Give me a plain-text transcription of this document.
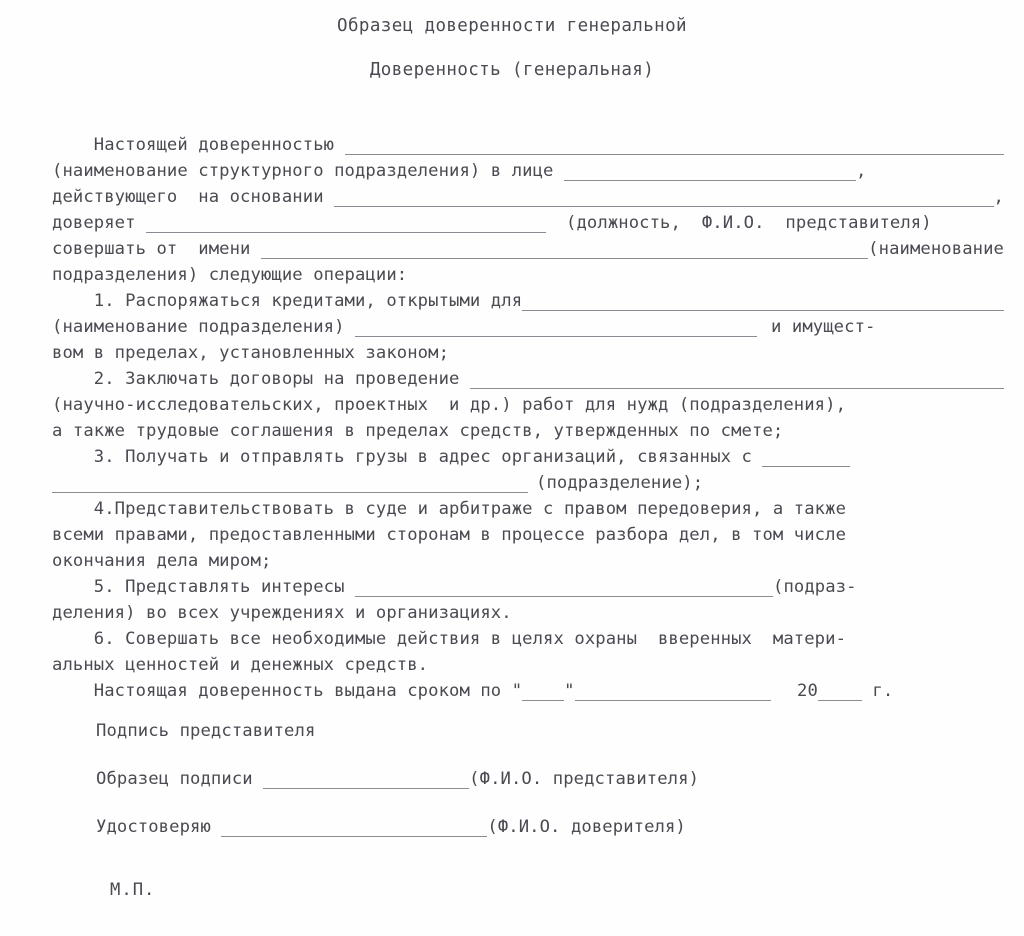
Образец доверенности генеральной
Доверенность (генеральная)
Настоящей доверенностью
(наименование структурного подразделения) в лице	,
действующего  на основании	,
доверяет	(должность,  Ф.И.О.  представителя)
совершать от  имени	(наименование
подразделения) следующие операции:
1. Распоряжаться кредитами, открытыми для
(наименование подразделения)	и имущест-
вом в пределах, установленных законом;
2. Заключать договоры на проведение
(научно-исследовательских, проектных  и др.) работ для нужд (подразделения),
а также трудовые соглашения в пределах средств, утвержденных по смете;
3. Получать и отправлять грузы в адрес организаций, связанных с
(подразделение);
4.Представительствовать в суде и арбитраже с правом передоверия, а также
всеми правами, предоставленными сторонам в процессе разбора дел, в том числе
окончания дела миром;
5. Представлять интересы	(подраз-
деления) во всех учреждениях и организациях.
6. Совершать все необходимые действия в целях охраны  вверенных  матери-
альных ценностей и денежных средств.
Настоящая доверенность выдана сроком по " "	20	г.
Подпись представителя
Образец подписи	(Ф.И.О. представителя)
Удостоверяю	(Ф.И.О. доверителя)
М.П.
